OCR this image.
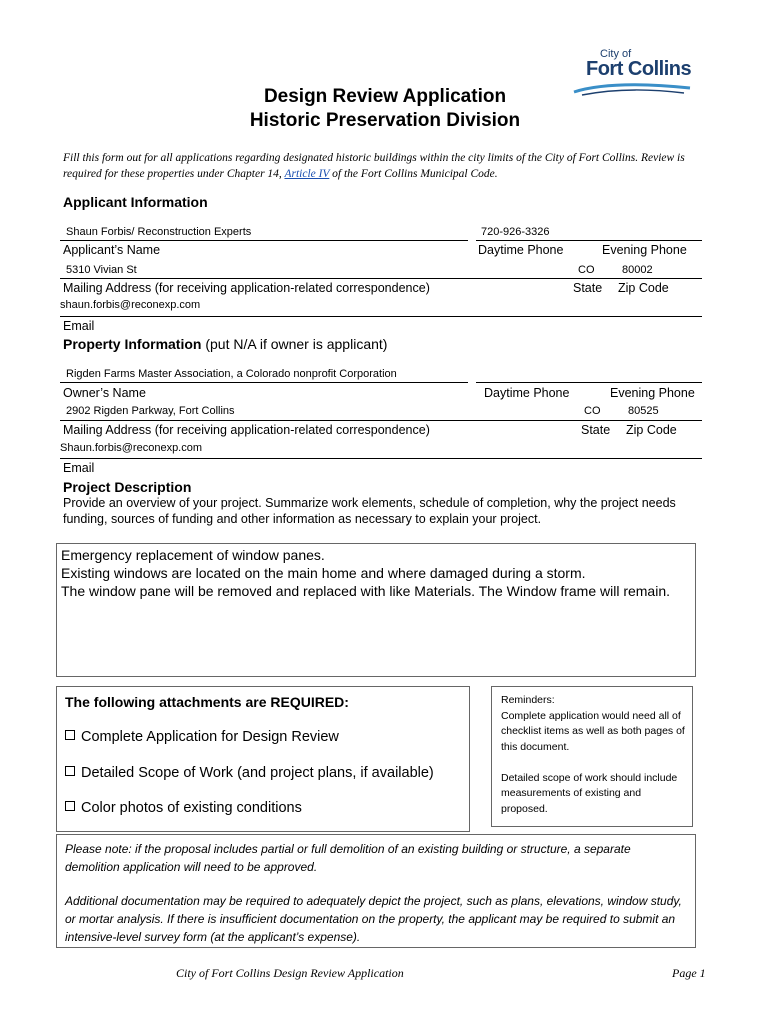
City of
Fort Collins
Design Review Application
Historic Preservation Division
Fill this form out for all applications regarding designated historic buildings within the city limits of the City of Fort Collins. Review is required for these properties under Chapter 14, Article IV of the Fort Collins Municipal Code.
Applicant Information
Shaun Forbis/ Reconstruction Experts	720-926-3326
Applicant’s Name	Daytime Phone	Evening Phone
5310 Vivian St	CO	80002
Mailing Address (for receiving application-related correspondence)	State Zip Code
shaun.forbis@reconexp.com
Email
Property Information (put N/A if owner is applicant)
Rigden Farms Master Association, a Colorado nonprofit Corporation
Owner’s Name	Daytime Phone	Evening Phone
2902 Rigden Parkway, Fort Collins	CO	80525
Mailing Address (for receiving application-related correspondence)	State Zip Code
Shaun.forbis@reconexp.com
Email
Project Description
Provide an overview of your project. Summarize work elements, schedule of completion, why the project needs funding, sources of funding and other information as necessary to explain your project.
Emergency replacement of window panes.
Existing windows are located on the main home and where damaged during a storm.
The window pane will be removed and replaced with like Materials. The Window frame will remain.
The following attachments are REQUIRED:
Complete Application for Design Review
Detailed Scope of Work (and project plans, if available)
Color photos of existing conditions
Reminders:
Complete application would need all of checklist items as well as both pages of this document.

Detailed scope of work should include measurements of existing and proposed.
Please note: if the proposal includes partial or full demolition of an existing building or structure, a separate demolition application will need to be approved.
Additional documentation may be required to adequately depict the project, such as plans, elevations, window study, or mortar analysis. If there is insufficient documentation on the property, the applicant may be required to submit an intensive-level survey form (at the applicant’s expense).
City of Fort Collins Design Review Application	Page 1
